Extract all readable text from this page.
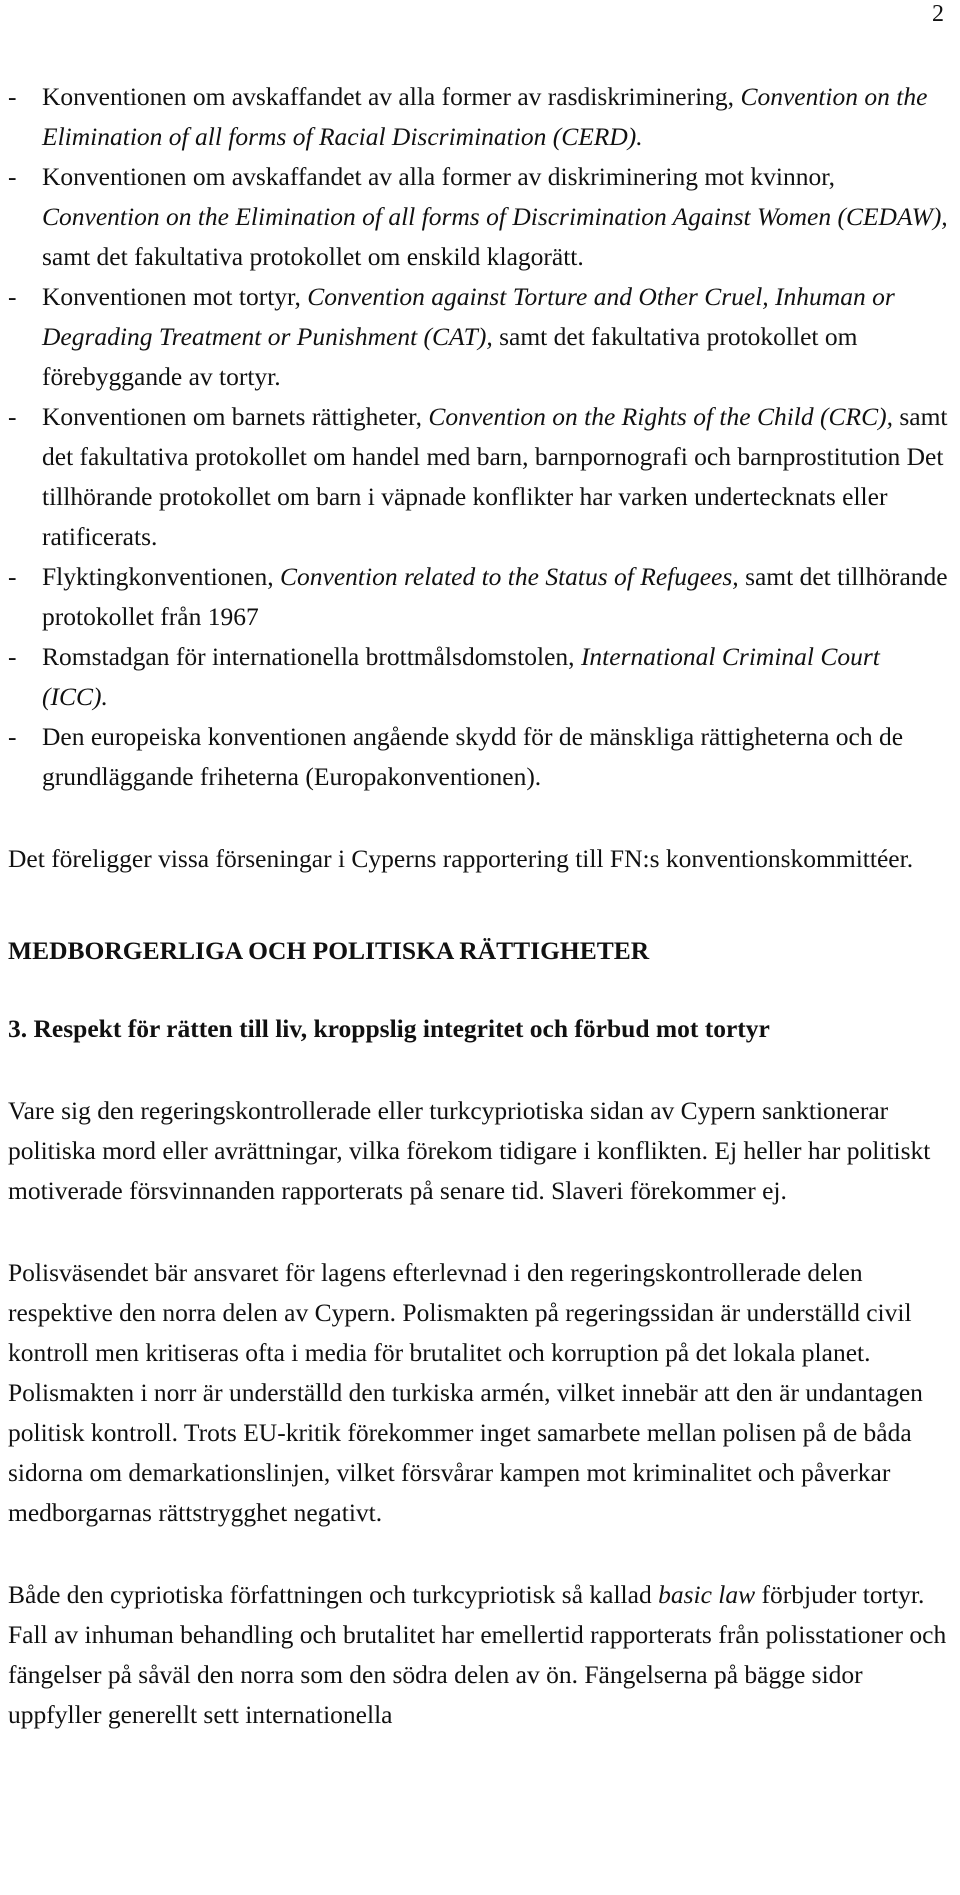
2
- Konventionen om avskaffandet av alla former av rasdiskriminering, Convention on the Elimination of all forms of Racial Discrimination (CERD).
- Konventionen om avskaffandet av alla former av diskriminering mot kvinnor, Convention on the Elimination of all forms of Discrimination Against Women (CEDAW), samt det fakultativa protokollet om enskild klagorätt.
- Konventionen mot tortyr, Convention against Torture and Other Cruel, Inhuman or Degrading Treatment or Punishment (CAT), samt det fakultativa protokollet om förebyggande av tortyr.
- Konventionen om barnets rättigheter, Convention on the Rights of the Child (CRC), samt det fakultativa protokollet om handel med barn, barnpornografi och barnprostitution Det tillhörande protokollet om barn i väpnade konflikter har varken undertecknats eller ratificerats.
- Flyktingkonventionen, Convention related to the Status of Refugees, samt det tillhörande protokollet från 1967
- Romstadgan för internationella brottmålsdomstolen, International Criminal Court (ICC).
- Den europeiska konventionen angående skydd för de mänskliga rättigheterna och de grundläggande friheterna (Europakonventionen).

Det föreligger vissa förseningar i Cyperns rapportering till FN:s konventionskommittéer.

MEDBORGERLIGA OCH POLITISKA RÄTTIGHETER
3. Respekt för rätten till liv, kroppslig integritet och förbud mot tortyr

Vare sig den regeringskontrollerade eller turkcypriotiska sidan av Cypern sanktionerar politiska mord eller avrättningar, vilka förekom tidigare i konflikten. Ej heller har politiskt motiverade försvinnanden rapporterats på senare tid. Slaveri förekommer ej.

Polisväsendet bär ansvaret för lagens efterlevnad i den regeringskontrollerade delen respektive den norra delen av Cypern. Polismakten på regeringssidan är underställd civil kontroll men kritiseras ofta i media för brutalitet och korruption på det lokala planet. Polismakten i norr är underställd den turkiska armén, vilket innebär att den är undantagen politisk kontroll. Trots EU-kritik förekommer inget samarbete mellan polisen på de båda sidorna om demarkationslinjen, vilket försvårar kampen mot kriminalitet och påverkar medborgarnas rättstrygghet negativt.

Både den cypriotiska författningen och turkcypriotisk så kallad basic law förbjuder tortyr. Fall av inhuman behandling och brutalitet har emellertid rapporterats från polisstationer och fängelser på såväl den norra som den södra delen av ön. Fängelserna på bägge sidor uppfyller generellt sett internationella
